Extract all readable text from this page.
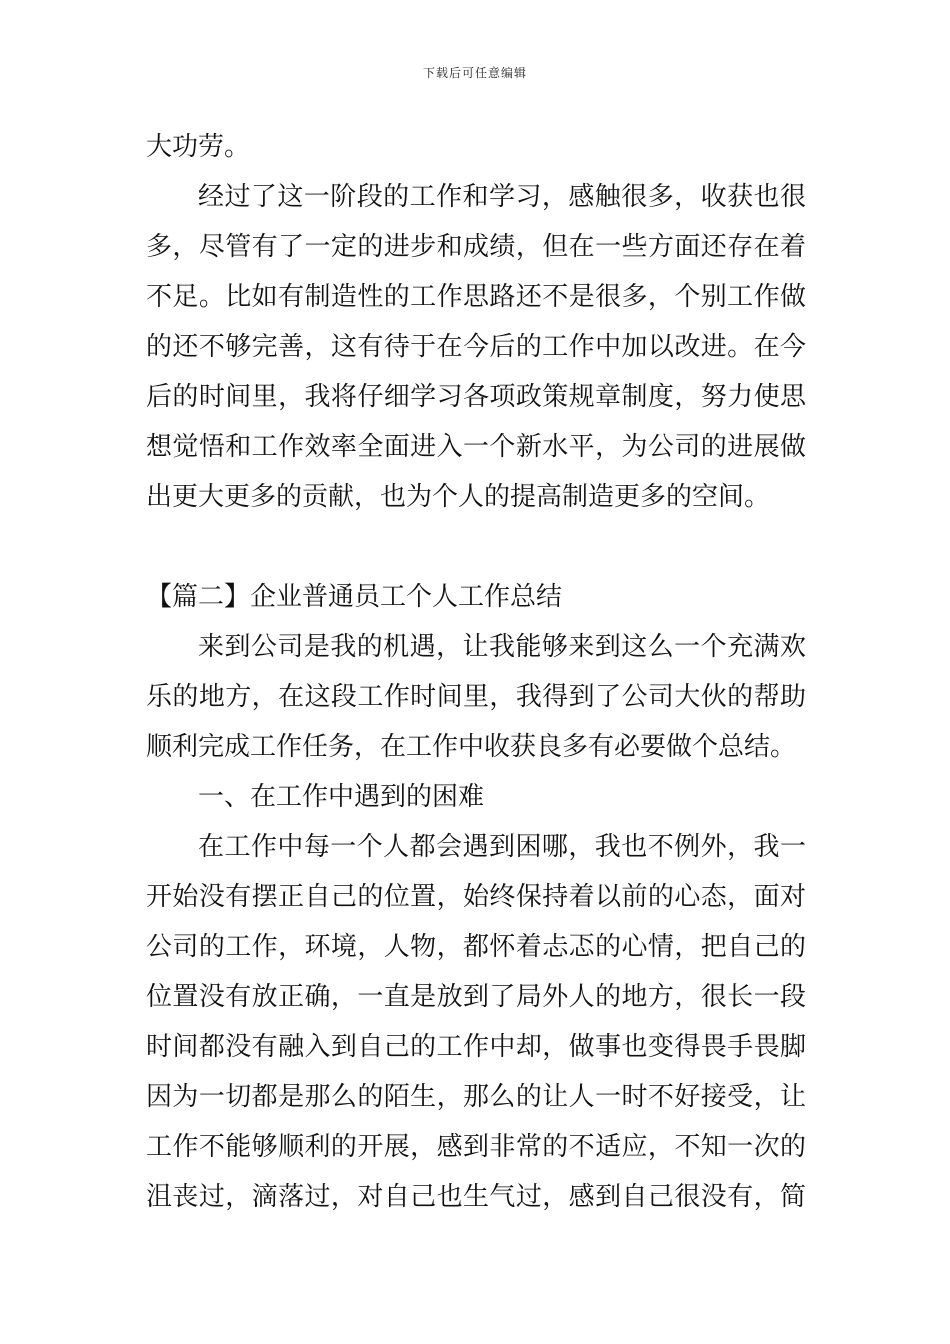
下载后可任意编辑
大功劳。
经过了这一阶段的工作和学习，感触很多，收获也很
多，尽管有了一定的进步和成绩，但在一些方面还存在着
不足。比如有制造性的工作思路还不是很多，个别工作做
的还不够完善，这有待于在今后的工作中加以改进。在今
后的时间里，我将仔细学习各项政策规章制度，努力使思
想觉悟和工作效率全面进入一个新水平，为公司的进展做
出更大更多的贡献，也为个人的提高制造更多的空间。
【篇二】企业普通员工个人工作总结
来到公司是我的机遇，让我能够来到这么一个充满欢
乐的地方，在这段工作时间里，我得到了公司大伙的帮助
顺利完成工作任务，在工作中收获良多有必要做个总结。
一、在工作中遇到的困难
在工作中每一个人都会遇到困哪，我也不例外，我一
开始没有摆正自己的位置，始终保持着以前的心态，面对
公司的工作，环境，人物，都怀着忐忑的心情，把自己的
位置没有放正确，一直是放到了局外人的地方，很长一段
时间都没有融入到自己的工作中却，做事也变得畏手畏脚
因为一切都是那么的陌生，那么的让人一时不好接受，让
工作不能够顺利的开展，感到非常的不适应，不知一次的
沮丧过，滴落过，对自己也生气过，感到自己很没有，简
